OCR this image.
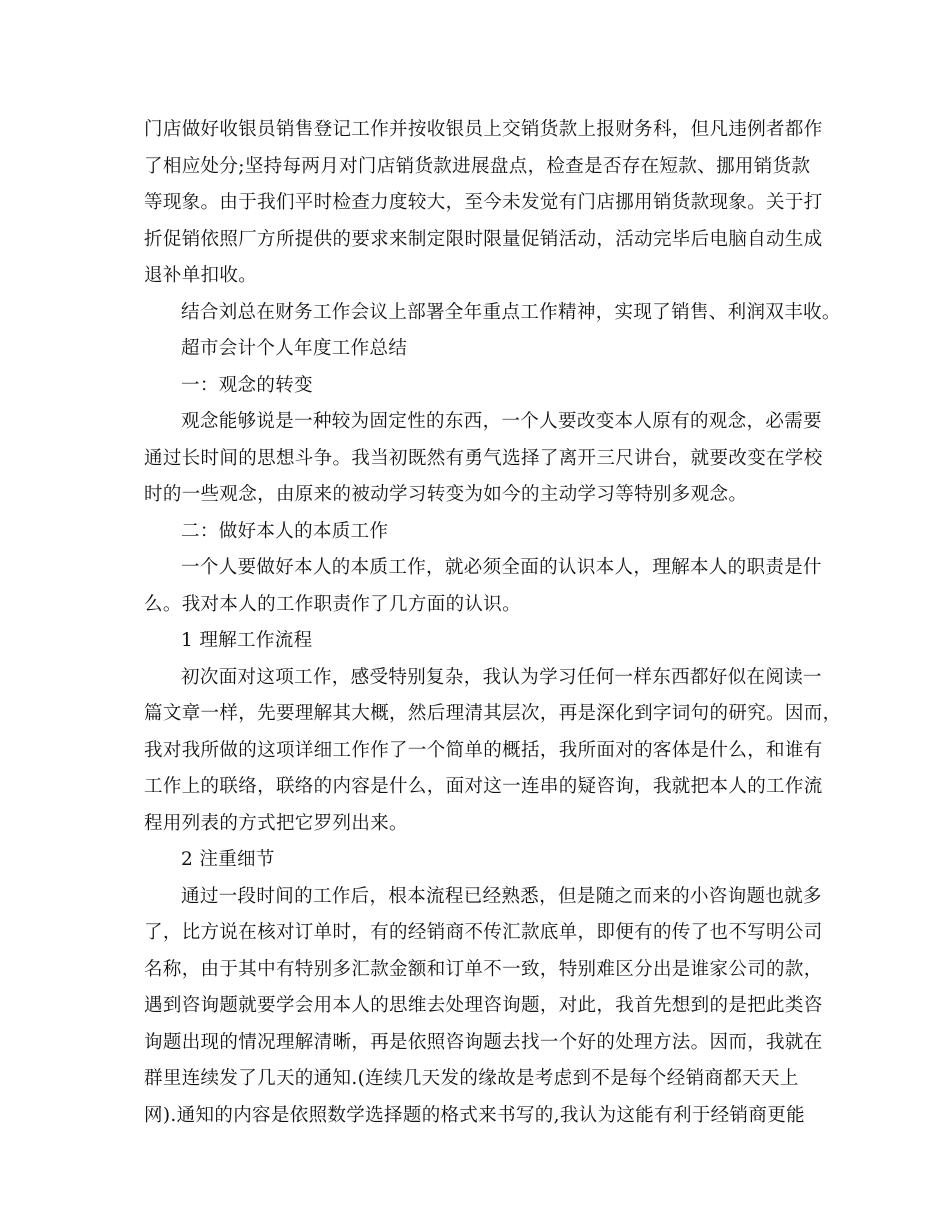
门店做好收银员销售登记工作并按收银员上交销货款上报财务科，但凡违例者都作
了相应处分;坚持每两月对门店销货款进展盘点，检查是否存在短款、挪用销货款
等现象。由于我们平时检查力度较大，至今未发觉有门店挪用销货款现象。关于打
折促销依照厂方所提供的要求来制定限时限量促销活动，活动完毕后电脑自动生成
退补单扣收。
结合刘总在财务工作会议上部署全年重点工作精神，实现了销售、利润双丰收。
超市会计个人年度工作总结
一：观念的转变
观念能够说是一种较为固定性的东西，一个人要改变本人原有的观念，必需要
通过长时间的思想斗争。我当初既然有勇气选择了离开三尺讲台，就要改变在学校
时的一些观念，由原来的被动学习转变为如今的主动学习等特别多观念。
二：做好本人的本质工作
一个人要做好本人的本质工作，就必须全面的认识本人，理解本人的职责是什
么。我对本人的工作职责作了几方面的认识。
1 理解工作流程
初次面对这项工作，感受特别复杂，我认为学习任何一样东西都好似在阅读一
篇文章一样，先要理解其大概，然后理清其层次，再是深化到字词句的研究。因而，
我对我所做的这项详细工作作了一个简单的概括，我所面对的客体是什么，和谁有
工作上的联络，联络的内容是什么，面对这一连串的疑咨询，我就把本人的工作流
程用列表的方式把它罗列出来。
2 注重细节
通过一段时间的工作后，根本流程已经熟悉，但是随之而来的小咨询题也就多
了，比方说在核对订单时，有的经销商不传汇款底单，即便有的传了也不写明公司
名称，由于其中有特别多汇款金额和订单不一致，特别难区分出是谁家公司的款，
遇到咨询题就要学会用本人的思维去处理咨询题，对此，我首先想到的是把此类咨
询题出现的情况理解清晰，再是依照咨询题去找一个好的处理方法。因而，我就在
群里连续发了几天的通知.(连续几天发的缘故是考虑到不是每个经销商都天天上
网).通知的内容是依照数学选择题的格式来书写的,我认为这能有利于经销商更能
